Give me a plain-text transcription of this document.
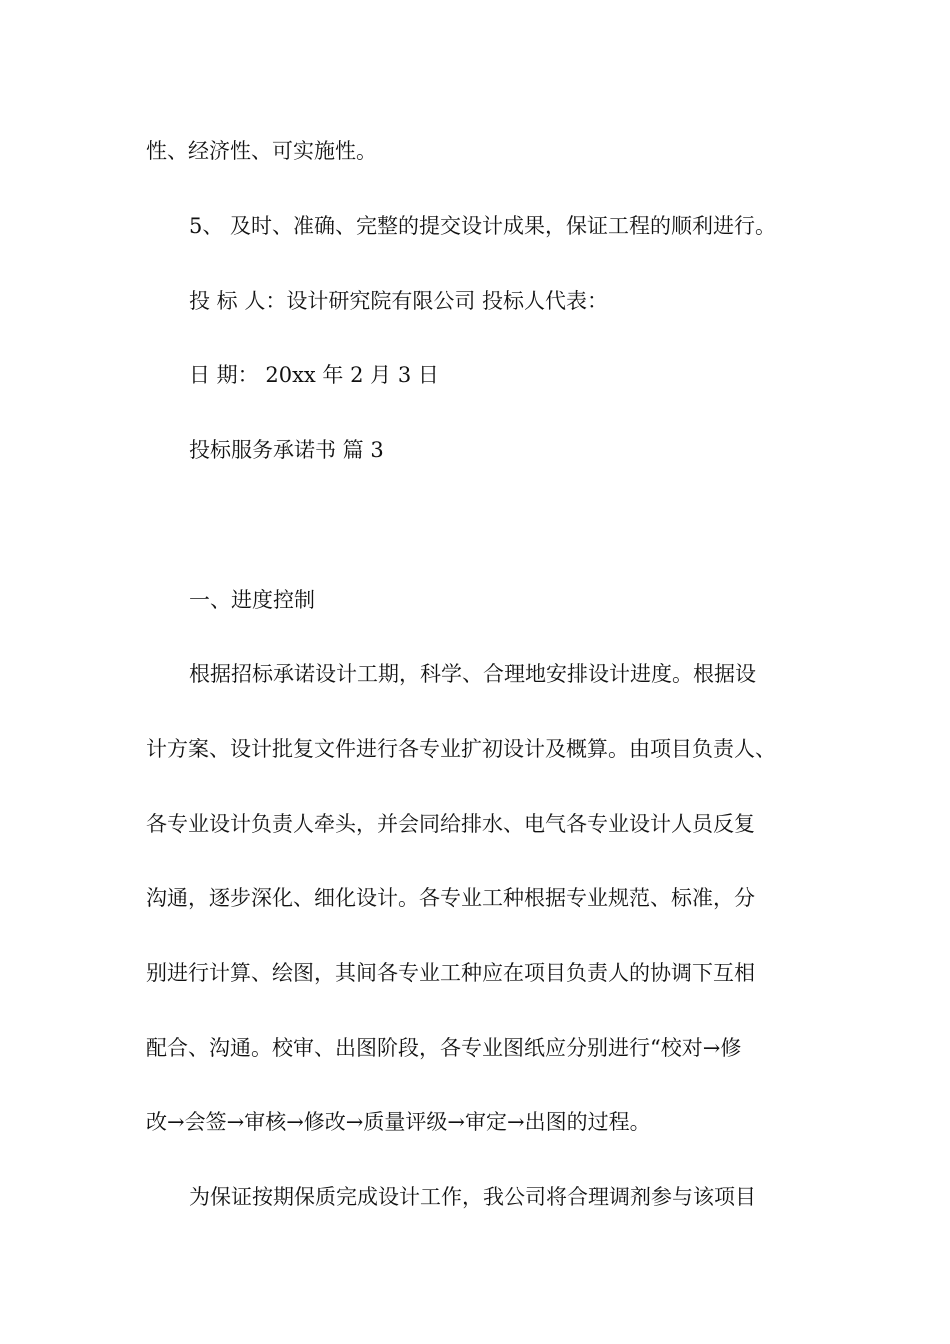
性、经济性、可实施性。
5、 及时、准确、完整的提交设计成果，保证工程的顺利进行。
投 标 人：设计研究院有限公司 投标人代表：
日 期： 20xx 年 2 月 3 日
投标服务承诺书 篇 3
一、进度控制
根据招标承诺设计工期，科学、合理地安排设计进度。根据设
计方案、设计批复文件进行各专业扩初设计及概算。由项目负责人、
各专业设计负责人牵头，并会同给排水、电气各专业设计人员反复
沟通，逐步深化、细化设计。各专业工种根据专业规范、标准，分
别进行计算、绘图，其间各专业工种应在项目负责人的协调下互相
配合、沟通。校审、出图阶段，各专业图纸应分别进行“校对→修
改→会签→审核→修改→质量评级→审定→出图的过程。
为保证按期保质完成设计工作，我公司将合理调剂参与该项目
